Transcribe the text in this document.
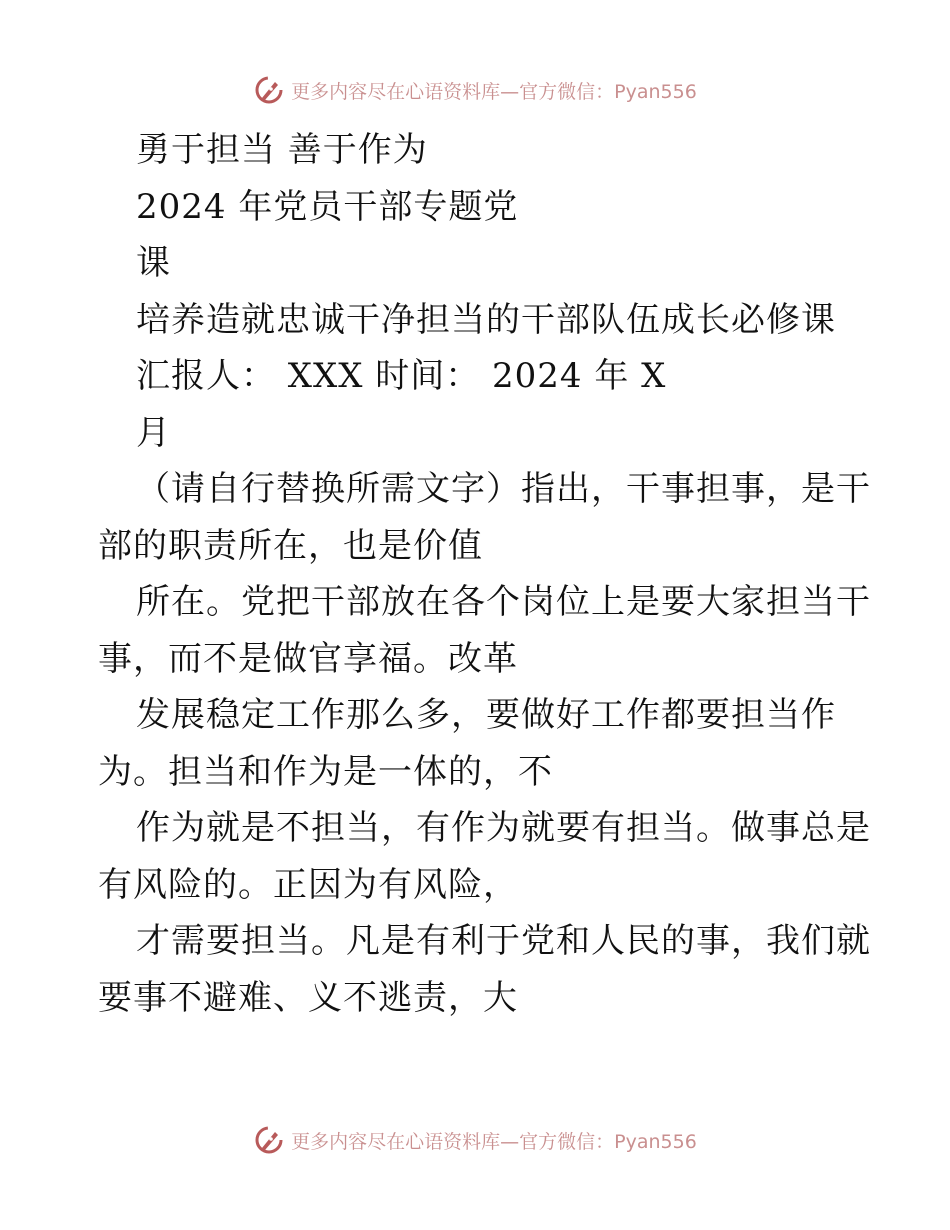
更多内容尽在心语资料库—官方微信：Pyan556
勇于担当 善于作为
2024 年党员干部专题党
课
培养造就忠诚干净担当的干部队伍成长必修课
汇报人： XXX 时间： 2024 年 X
月
（请自行替换所需文字）指出，干事担事，是干
部的职责所在，也是价值
所在。党把干部放在各个岗位上是要大家担当干
事，而不是做官享福。改革
发展稳定工作那么多，要做好工作都要担当作
为。担当和作为是一体的，不
作为就是不担当，有作为就要有担当。做事总是
有风险的。正因为有风险，
才需要担当。凡是有利于党和人民的事，我们就
要事不避难、义不逃责，大
更多内容尽在心语资料库—官方微信：Pyan556
